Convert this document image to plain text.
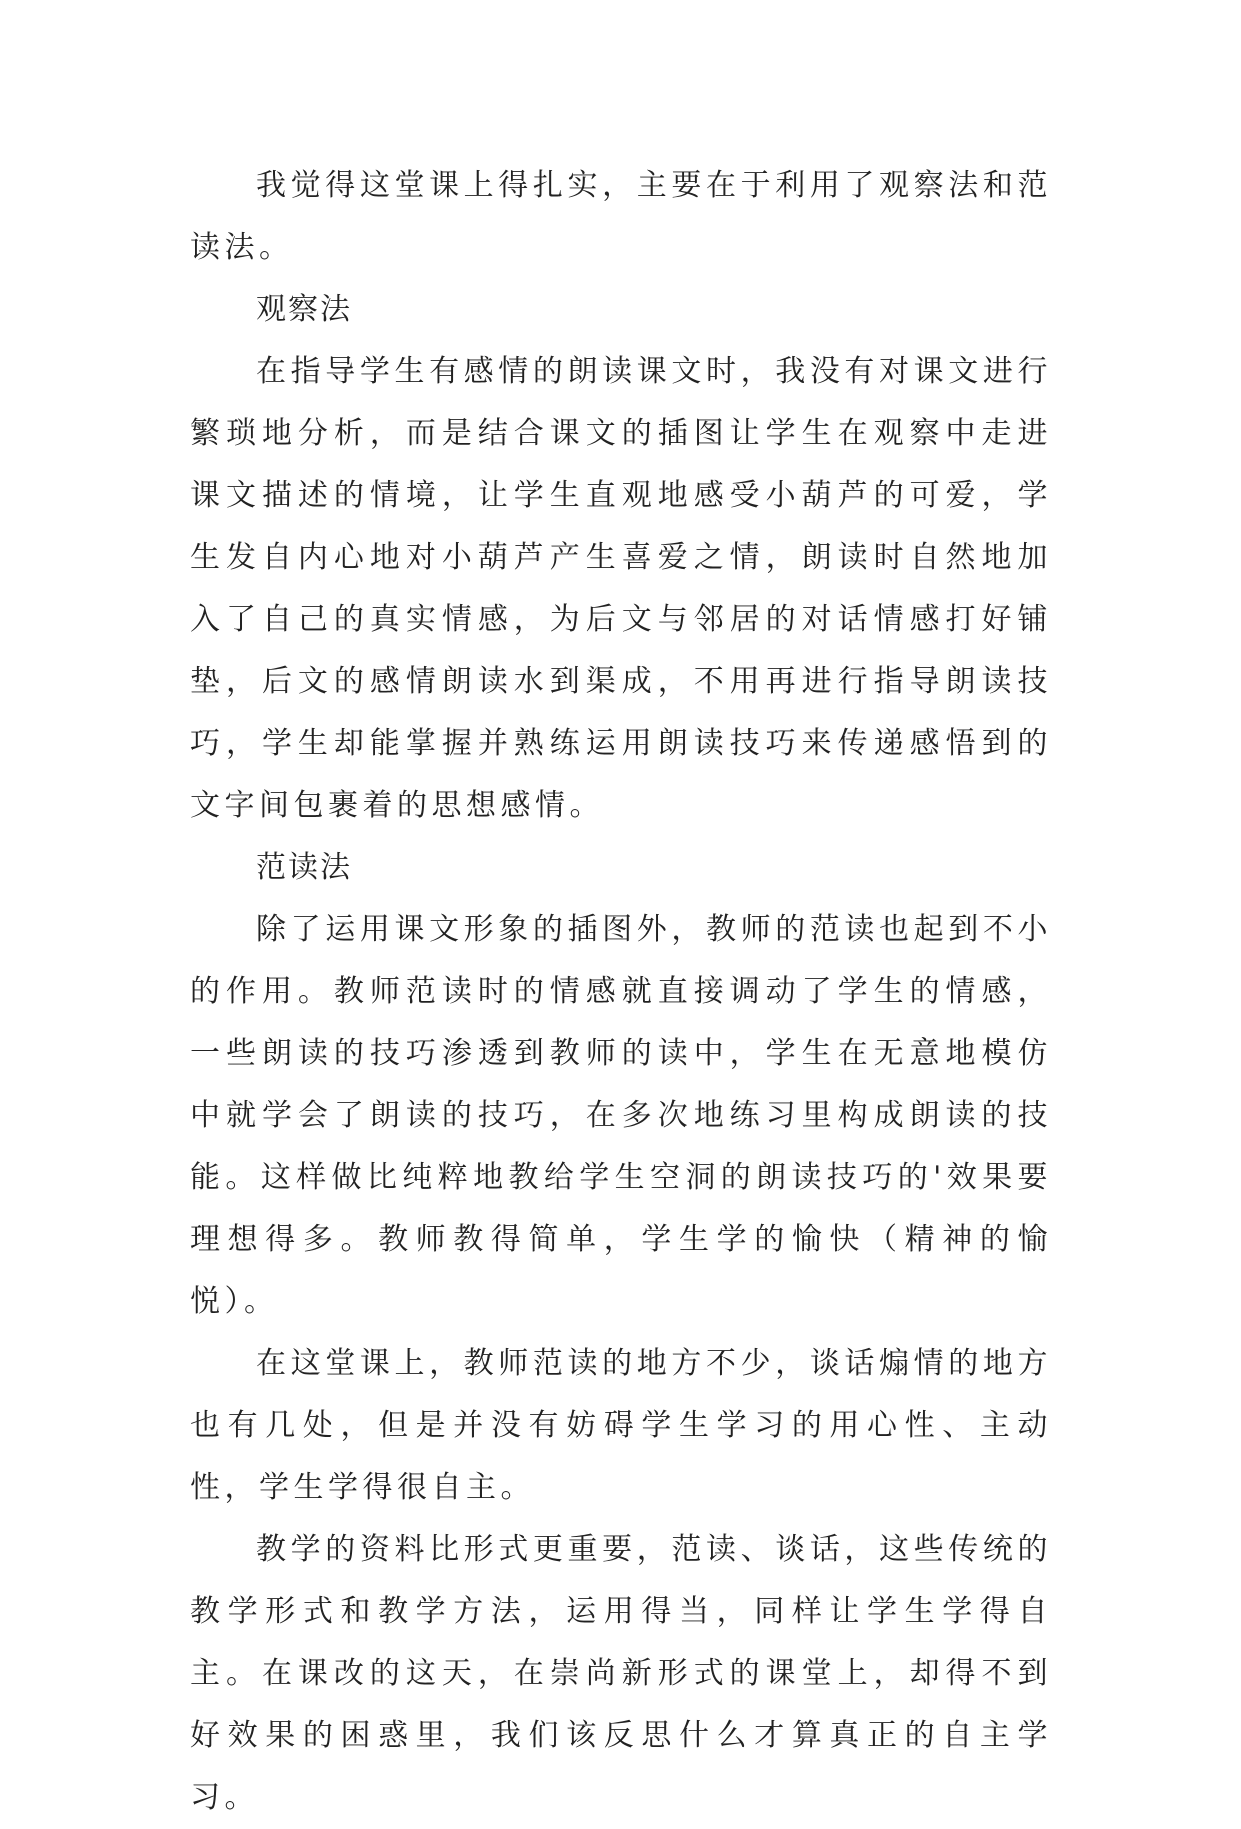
我觉得这堂课上得扎实，主要在于利用了观察法和范读法。

观察法

在指导学生有感情的朗读课文时，我没有对课文进行繁琐地分析，而是结合课文的插图让学生在观察中走进课文描述的情境，让学生直观地感受小葫芦的可爱，学生发自内心地对小葫芦产生喜爱之情，朗读时自然地加入了自己的真实情感，为后文与邻居的对话情感打好铺垫，后文的感情朗读水到渠成，不用再进行指导朗读技巧，学生却能掌握并熟练运用朗读技巧来传递感悟到的文字间包裹着的思想感情。

范读法

除了运用课文形象的插图外，教师的范读也起到不小的作用。教师范读时的情感就直接调动了学生的情感，一些朗读的技巧渗透到教师的读中，学生在无意地模仿中就学会了朗读的技巧，在多次地练习里构成朗读的技能。这样做比纯粹地教给学生空洞的朗读技巧的'效果要理想得多。教师教得简单，学生学的愉快（精神的愉悦）。

在这堂课上，教师范读的地方不少，谈话煽情的地方也有几处，但是并没有妨碍学生学习的用心性、主动性，学生学得很自主。

教学的资料比形式更重要，范读、谈话，这些传统的教学形式和教学方法，运用得当，同样让学生学得自主。在课改的这天，在崇尚新形式的课堂上，却得不到好效果的困惑里，我们该反思什么才算真正的自主学习。
